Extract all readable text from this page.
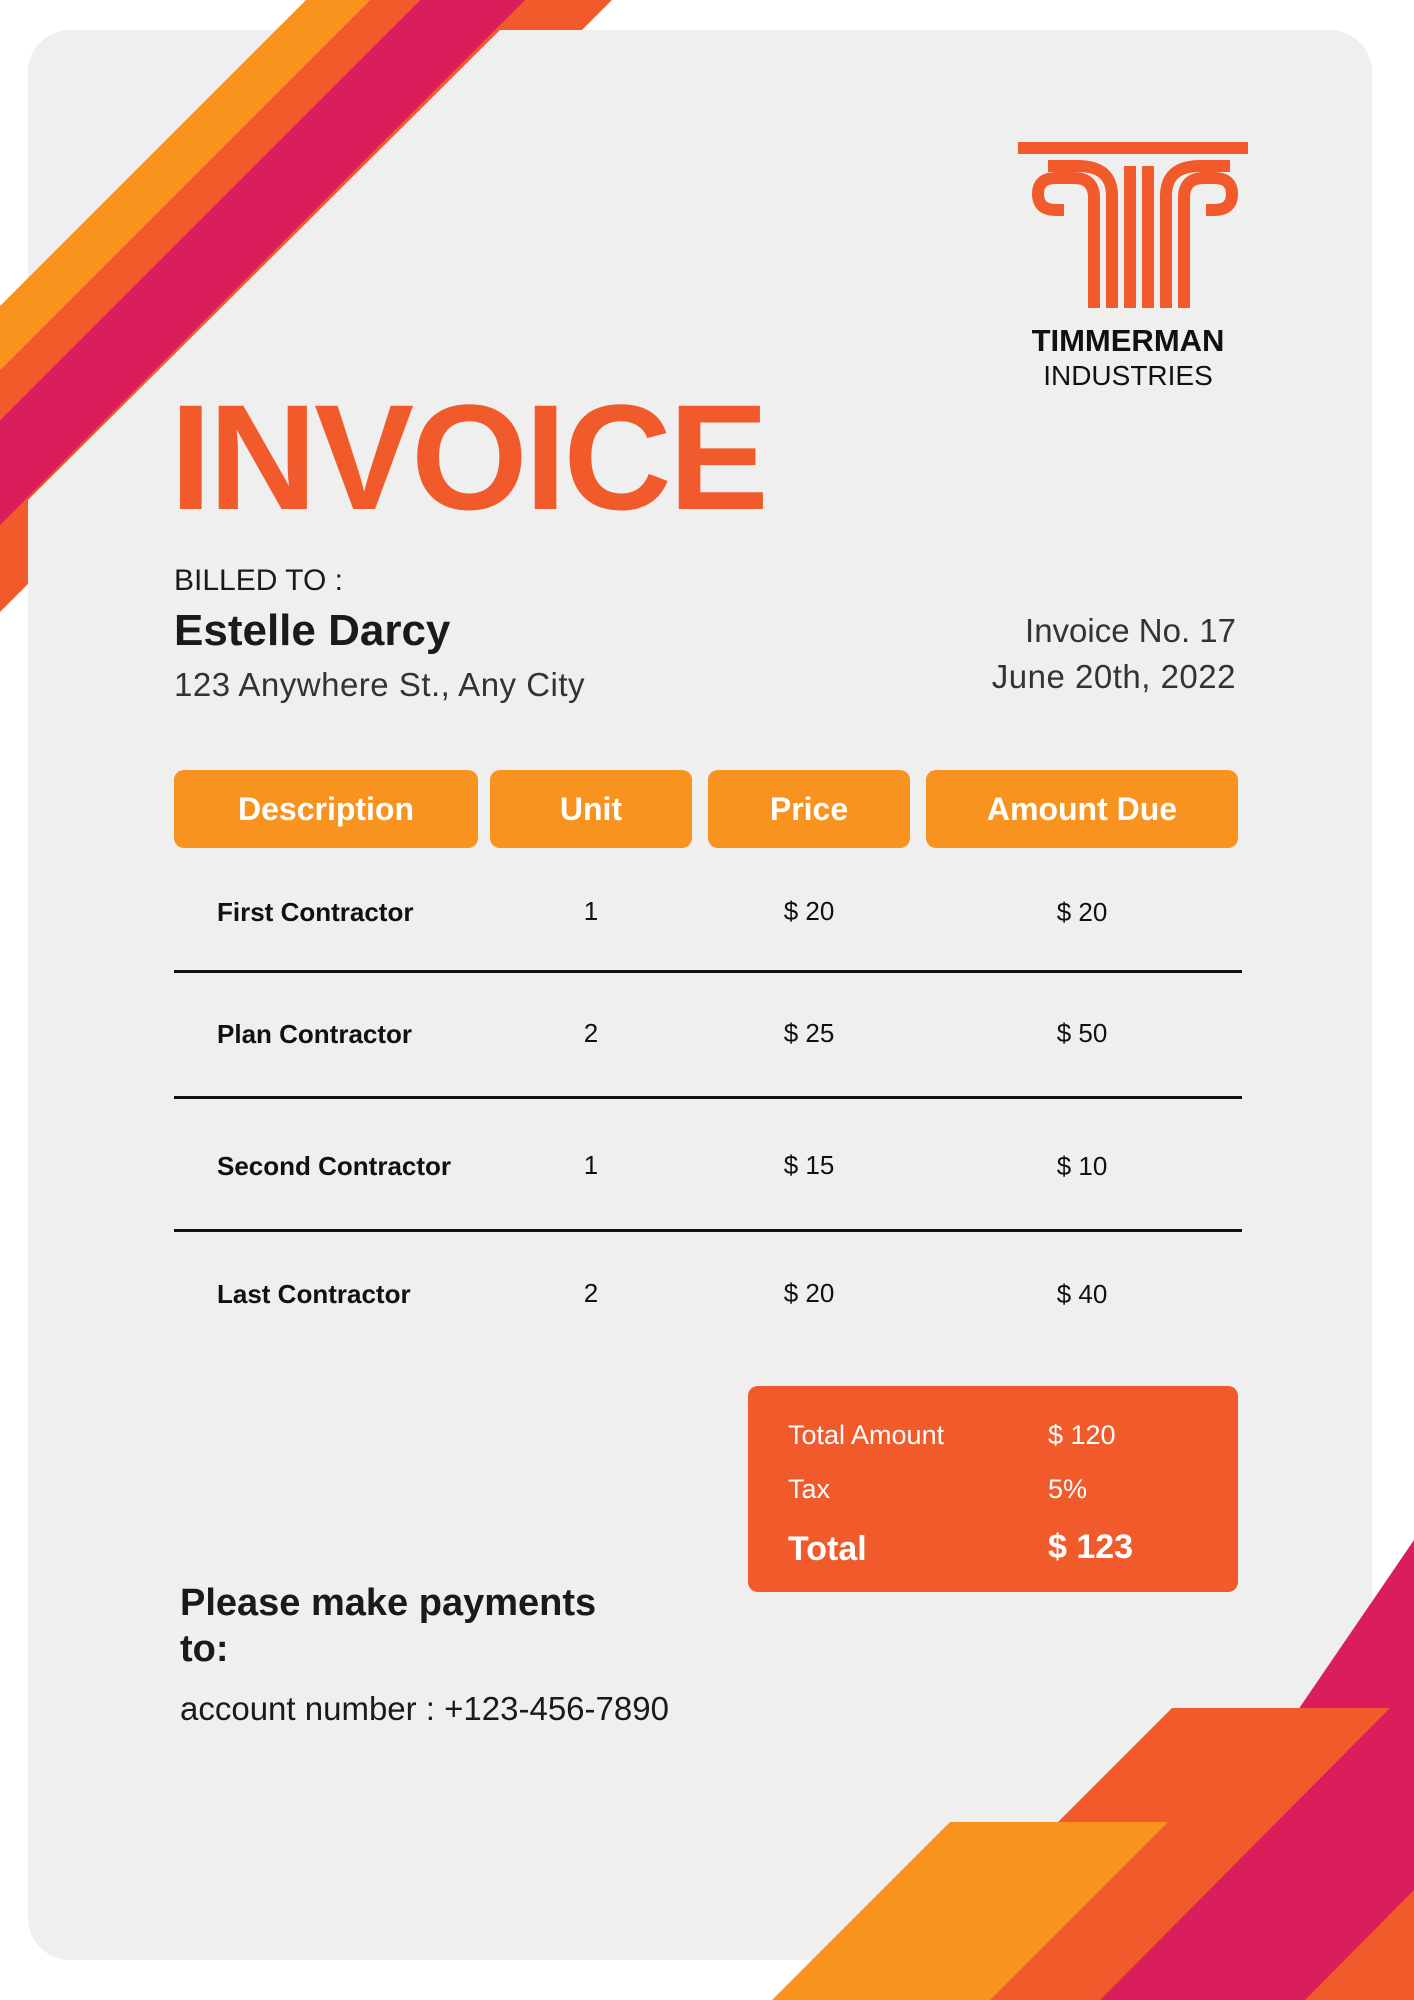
TIMMERMAN
INDUSTRIES
INVOICE
BILLED TO :
Estelle Darcy
123 Anywhere St., Any City
Invoice No. 17
June 20th, 2022
Description	Unit	Price	Amount Due
First Contractor	1	$ 20	$ 20
Plan Contractor	2	$ 25	$ 50
Second Contractor	1	$ 15	$ 10
Last Contractor	2	$ 20	$ 40
Total Amount	$ 120
Tax	5%
Total	$ 123
Please make payments to:
account number : +123-456-7890
